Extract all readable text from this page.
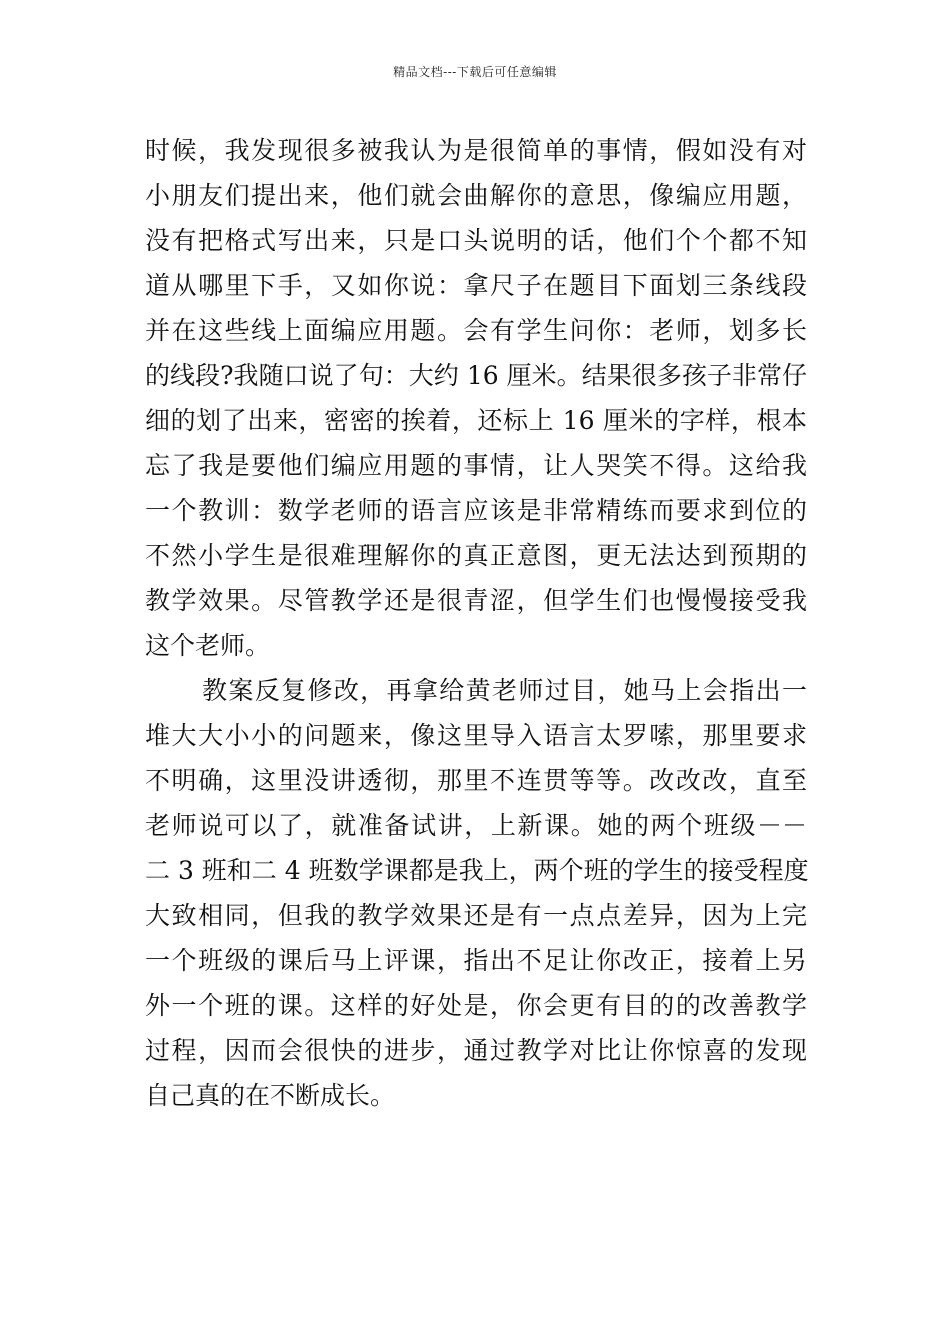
精品文档---下载后可任意编辑
时候，我发现很多被我认为是很简单的事情，假如没有对
小朋友们提出来，他们就会曲解你的意思，像编应用题，
没有把格式写出来，只是口头说明的话，他们个个都不知
道从哪里下手，又如你说：拿尺子在题目下面划三条线段
并在这些线上面编应用题。会有学生问你：老师，划多长
的线段?我随口说了句：大约 16 厘米。结果很多孩子非常仔
细的划了出来，密密的挨着，还标上 16 厘米的字样，根本
忘了我是要他们编应用题的事情，让人哭笑不得。这给我
一个教训：数学老师的语言应该是非常精练而要求到位的
不然小学生是很难理解你的真正意图，更无法达到预期的
教学效果。尽管教学还是很青涩，但学生们也慢慢接受我
这个老师。
教案反复修改，再拿给黄老师过目，她马上会指出一
堆大大小小的问题来，像这里导入语言太罗嗦，那里要求
不明确，这里没讲透彻，那里不连贯等等。改改改，直至
老师说可以了，就准备试讲，上新课。她的两个班级－－
二 3 班和二 4 班数学课都是我上，两个班的学生的接受程度
大致相同，但我的教学效果还是有一点点差异，因为上完
一个班级的课后马上评课，指出不足让你改正，接着上另
外一个班的课。这样的好处是，你会更有目的的改善教学
过程，因而会很快的进步，通过教学对比让你惊喜的发现
自己真的在不断成长。
